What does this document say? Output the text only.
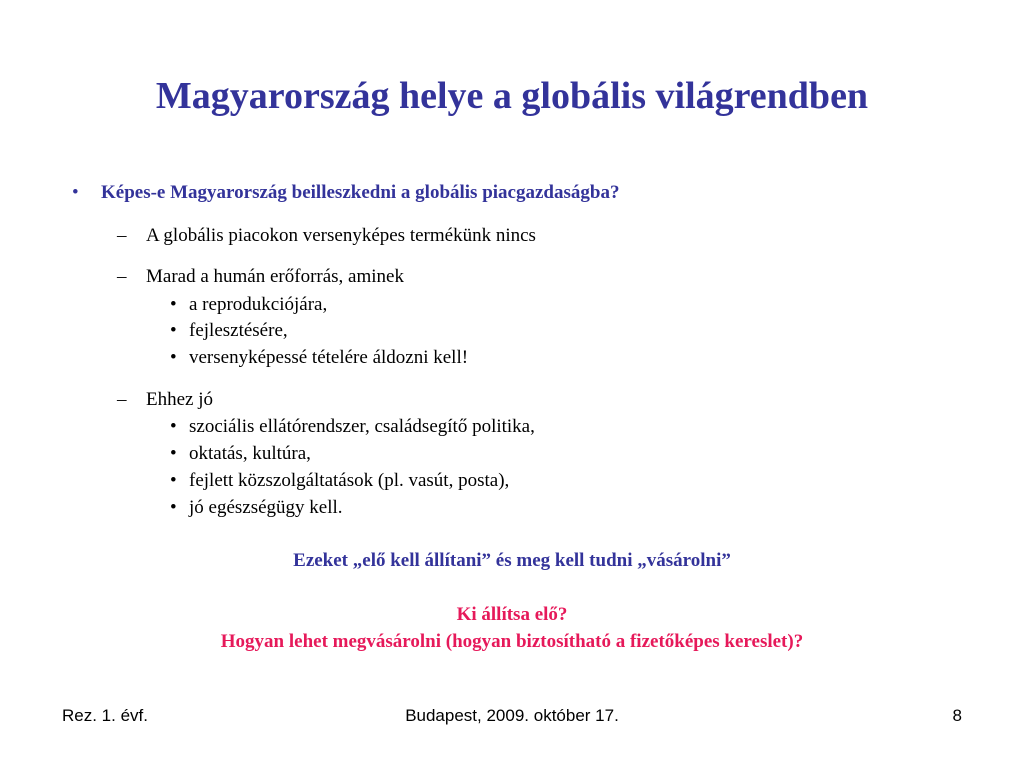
Magyarország helye a globális világrendben
• Képes-e Magyarország beilleszkedni a globális piacgazdaságba?
– A globális piacokon versenyképes termékünk nincs
– Marad a humán erőforrás, aminek
• a reprodukciójára,
• fejlesztésére,
• versenyképessé tételére áldozni kell!
– Ehhez jó
• szociális ellátórendszer, családsegítő politika,
• oktatás, kultúra,
• fejlett közszolgáltatások (pl. vasút, posta),
• jó egészségügy kell.
Ezeket „elő kell állítani” és meg kell tudni „vásárolni”
Ki állítsa elő?
Hogyan lehet megvásárolni (hogyan biztosítható a fizetőképes kereslet)?
Rez. 1. évf.	Budapest, 2009. október 17.	8
